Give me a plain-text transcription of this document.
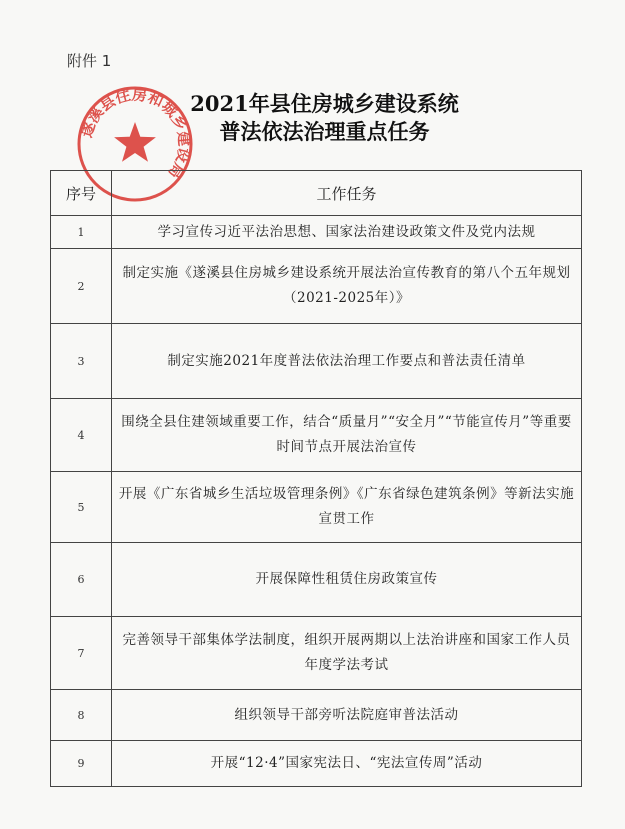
附件 1
遂溪县住房和城乡建设局
2021年县住房城乡建设系统
普法依法治理重点任务
序号	工作任务
1	学习宣传习近平法治思想、国家法治建设政策文件及党内法规
2	制定实施《遂溪县住房城乡建设系统开展法治宣传教育的第八个五年规划（2021-2025年）》
3	制定实施2021年度普法依法治理工作要点和普法责任清单
4	围绕全县住建领域重要工作，结合“质量月”“安全月”“节能宣传月”等重要时间节点开展法治宣传
5	开展《广东省城乡生活垃圾管理条例》《广东省绿色建筑条例》等新法实施宣贯工作
6	开展保障性租赁住房政策宣传
7	完善领导干部集体学法制度，组织开展两期以上法治讲座和国家工作人员年度学法考试
8	组织领导干部旁听法院庭审普法活动
9	开展“12·4”国家宪法日、“宪法宣传周”活动
